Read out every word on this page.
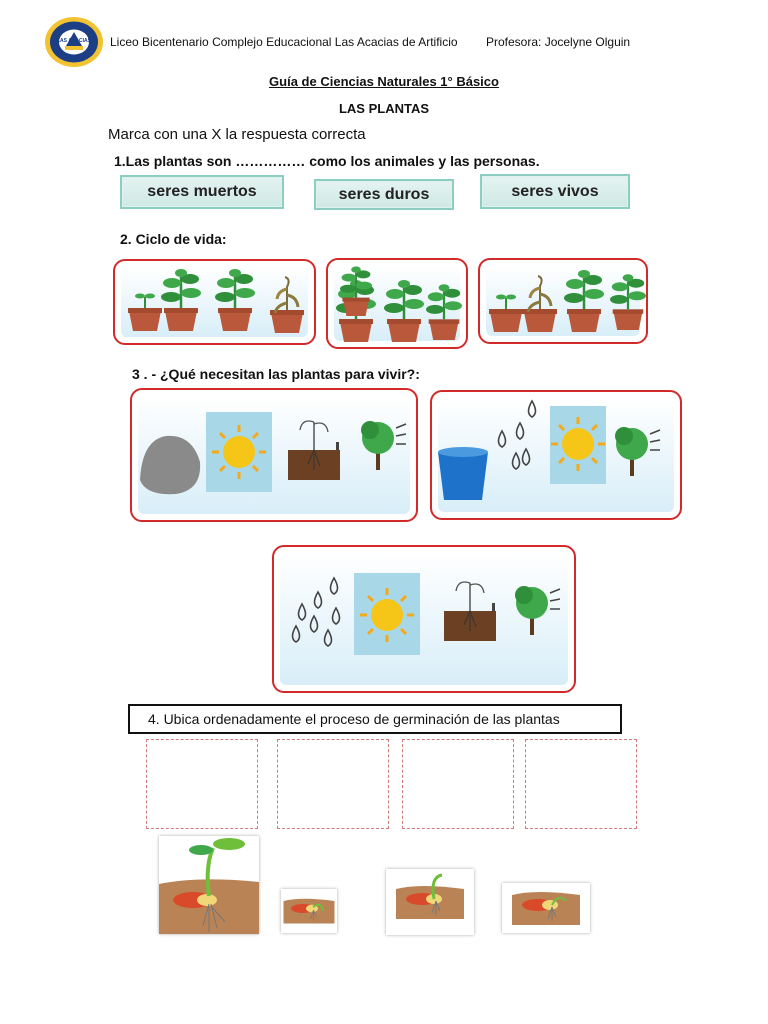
LAS ACACIAS	Liceo Bicentenario Complejo Educacional Las Acacias de Artificio Profesora: Jocelyne Olguin
Guía de Ciencias Naturales 1° Básico
LAS PLANTAS
Marca con una X la respuesta correcta
1.Las plantas son …………… como los animales y las personas.
seres muertos	seres duros	seres vivos
2. Ciclo de vida:
3 . - ¿Qué necesitan las plantas para vivir?:
4. Ubica ordenadamente el proceso de germinación de las plantas
